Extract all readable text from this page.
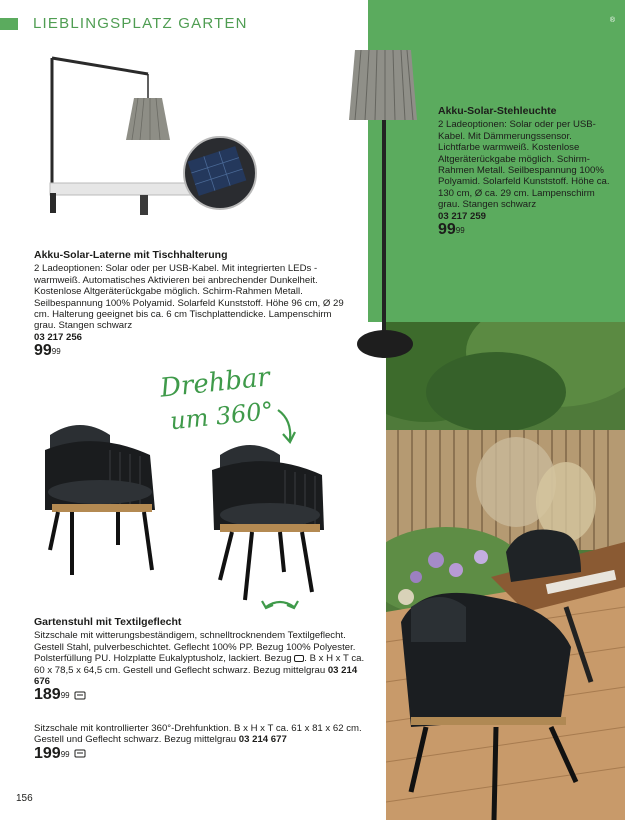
LIEBLINGSPLATZ GARTEN	®
Akku-Solar-Stehleuchte
2 Ladeoptionen: Solar oder per USB-Kabel. Mit Dämmerungssensor. Lichtfarbe warmweiß. Kostenlose Altgeräterückgabe möglich. Schirm-Rahmen Metall. Seilbespannung 100% Polyamid. Solarfeld Kunststoff. Höhe ca. 130 cm, Ø ca. 29 cm. Lampenschirm grau. Stangen schwarz
03 217 259
$99^{99}$
Akku-Solar-Laterne mit Tischhalterung
2 Ladeoptionen: Solar oder per USB-Kabel. Mit integrierten LEDs - warmweiß. Automatisches Aktivieren bei anbrechender Dunkelheit. Kostenlose Altgeräterückgabe möglich. Schirm-Rahmen Metall. Seilbespannung 100% Polyamid. Solarfeld Kunststoff. Höhe 96 cm, Ø 29 cm. Halterung geeignet bis ca. 6 cm Tischplattendicke. Lampenschirm grau. Stangen schwarz
03 217 256
$99^{99}$
Drehbar
um 360°
Gartenstuhl mit Textilgeflecht
Sitzschale mit witterungsbeständigem, schnelltrocknendem Textilgeflecht. Gestell Stahl, pulverbeschichtet. Geflecht 100% PP. Bezug 100% Polyester. Polsterfüllung PU. Holzplatte Eukalyptusholz, lackiert. Bezug . B x H x T ca. 60 x 78,5 x 64,5 cm. Gestell und Geflecht schwarz. Bezug mittelgrau 03 214 676
$189^{99}$
Sitzschale mit kontrollierter 360°-Drehfunktion. B x H x T ca. 61 x 81 x 62 cm. Gestell und Geflecht schwarz. Bezug mittelgrau 03 214 677
$199^{99}$
156
